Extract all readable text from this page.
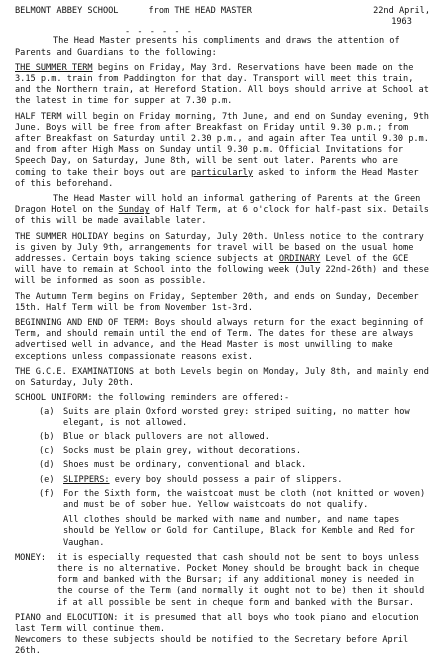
BELMONT ABBEY SCHOOL	from THE HEAD MASTER	22nd April,
1963
- - - - - -

The Head Master presents his compliments and draws the attention of Parents and Guardians to the following:

THE SUMMER TERM begins on Friday, May 3rd. Reservations have been made on the 3.15 p.m. train from Paddington for that day. Transport will meet this train, and the Northern train, at Hereford Station. All boys should arrive at School at the latest in time for supper at 7.30 p.m.

HALF TERM will begin on Friday morning, 7th June, and end on Sunday evening, 9th June. Boys will be free from after Breakfast on Friday until 9.30 p.m.; from after Breakfast on Saturday until 2.30 p.m., and again after Tea until 9.30 p.m. and from after High Mass on Sunday until 9.30 p.m. Official Invitations for Speech Day, on Saturday, June 8th, will be sent out later. Parents who are coming to take their boys out are particularly asked to inform the Head Master of this beforehand.

The Head Master will hold an informal gathering of Parents at the Green Dragon Hotel on the Sunday of Half Term, at 6 o'clock for half-past six. Details of this will be made available later.

THE SUMMER HOLIDAY begins on Saturday, July 20th. Unless notice to the contrary is given by July 9th, arrangements for travel will be based on the usual home addresses. Certain boys taking science subjects at ORDINARY Level of the GCE will have to remain at School into the following week (July 22nd-26th) and these will be informed as soon as possible.

The Autumn Term begins on Friday, September 20th, and ends on Sunday, December 15th. Half Term will be from November 1st-3rd.

BEGINNING AND END OF TERM: Boys should always return for the exact beginning of Term, and should remain until the end of Term. The dates for these are always advertised well in advance, and the Head Master is most unwilling to make exceptions unless compassionate reasons exist.

THE G.C.E. EXAMINATIONS at both Levels begin on Monday, July 8th, and mainly end on Saturday, July 20th.

SCHOOL UNIFORM: the following reminders are offered:-
(a) Suits are plain Oxford worsted grey: striped suiting, no matter how elegant, is not allowed.
(b) Blue or black pullovers are not allowed.
(c) Socks must be plain grey, without decorations.
(d) Shoes must be ordinary, conventional and black.
(e) SLIPPERS: every boy should possess a pair of slippers.
(f) For the Sixth form, the waistcoat must be cloth (not knitted or woven) and must be of sober hue. Yellow waistcoats do not qualify.
All clothes should be marked with name and number, and name tapes should be Yellow or Gold for Cantilupe, Black for Kemble and Red for Vaughan.
MONEY:	it is especially requested that cash should not be sent to boys unless there is no alternative. Pocket Money should be brought back in cheque form and banked with the Bursar; if any additional money is needed in the course of the Term (and normally it ought not to be) then it should if at all possible be sent in cheque form and banked with the Bursar.

PIANO and ELOCUTION: it is presumed that all boys who took piano and elocution last Term will continue them.

Newcomers to these subjects should be notified to the Secretary before April 26th.
